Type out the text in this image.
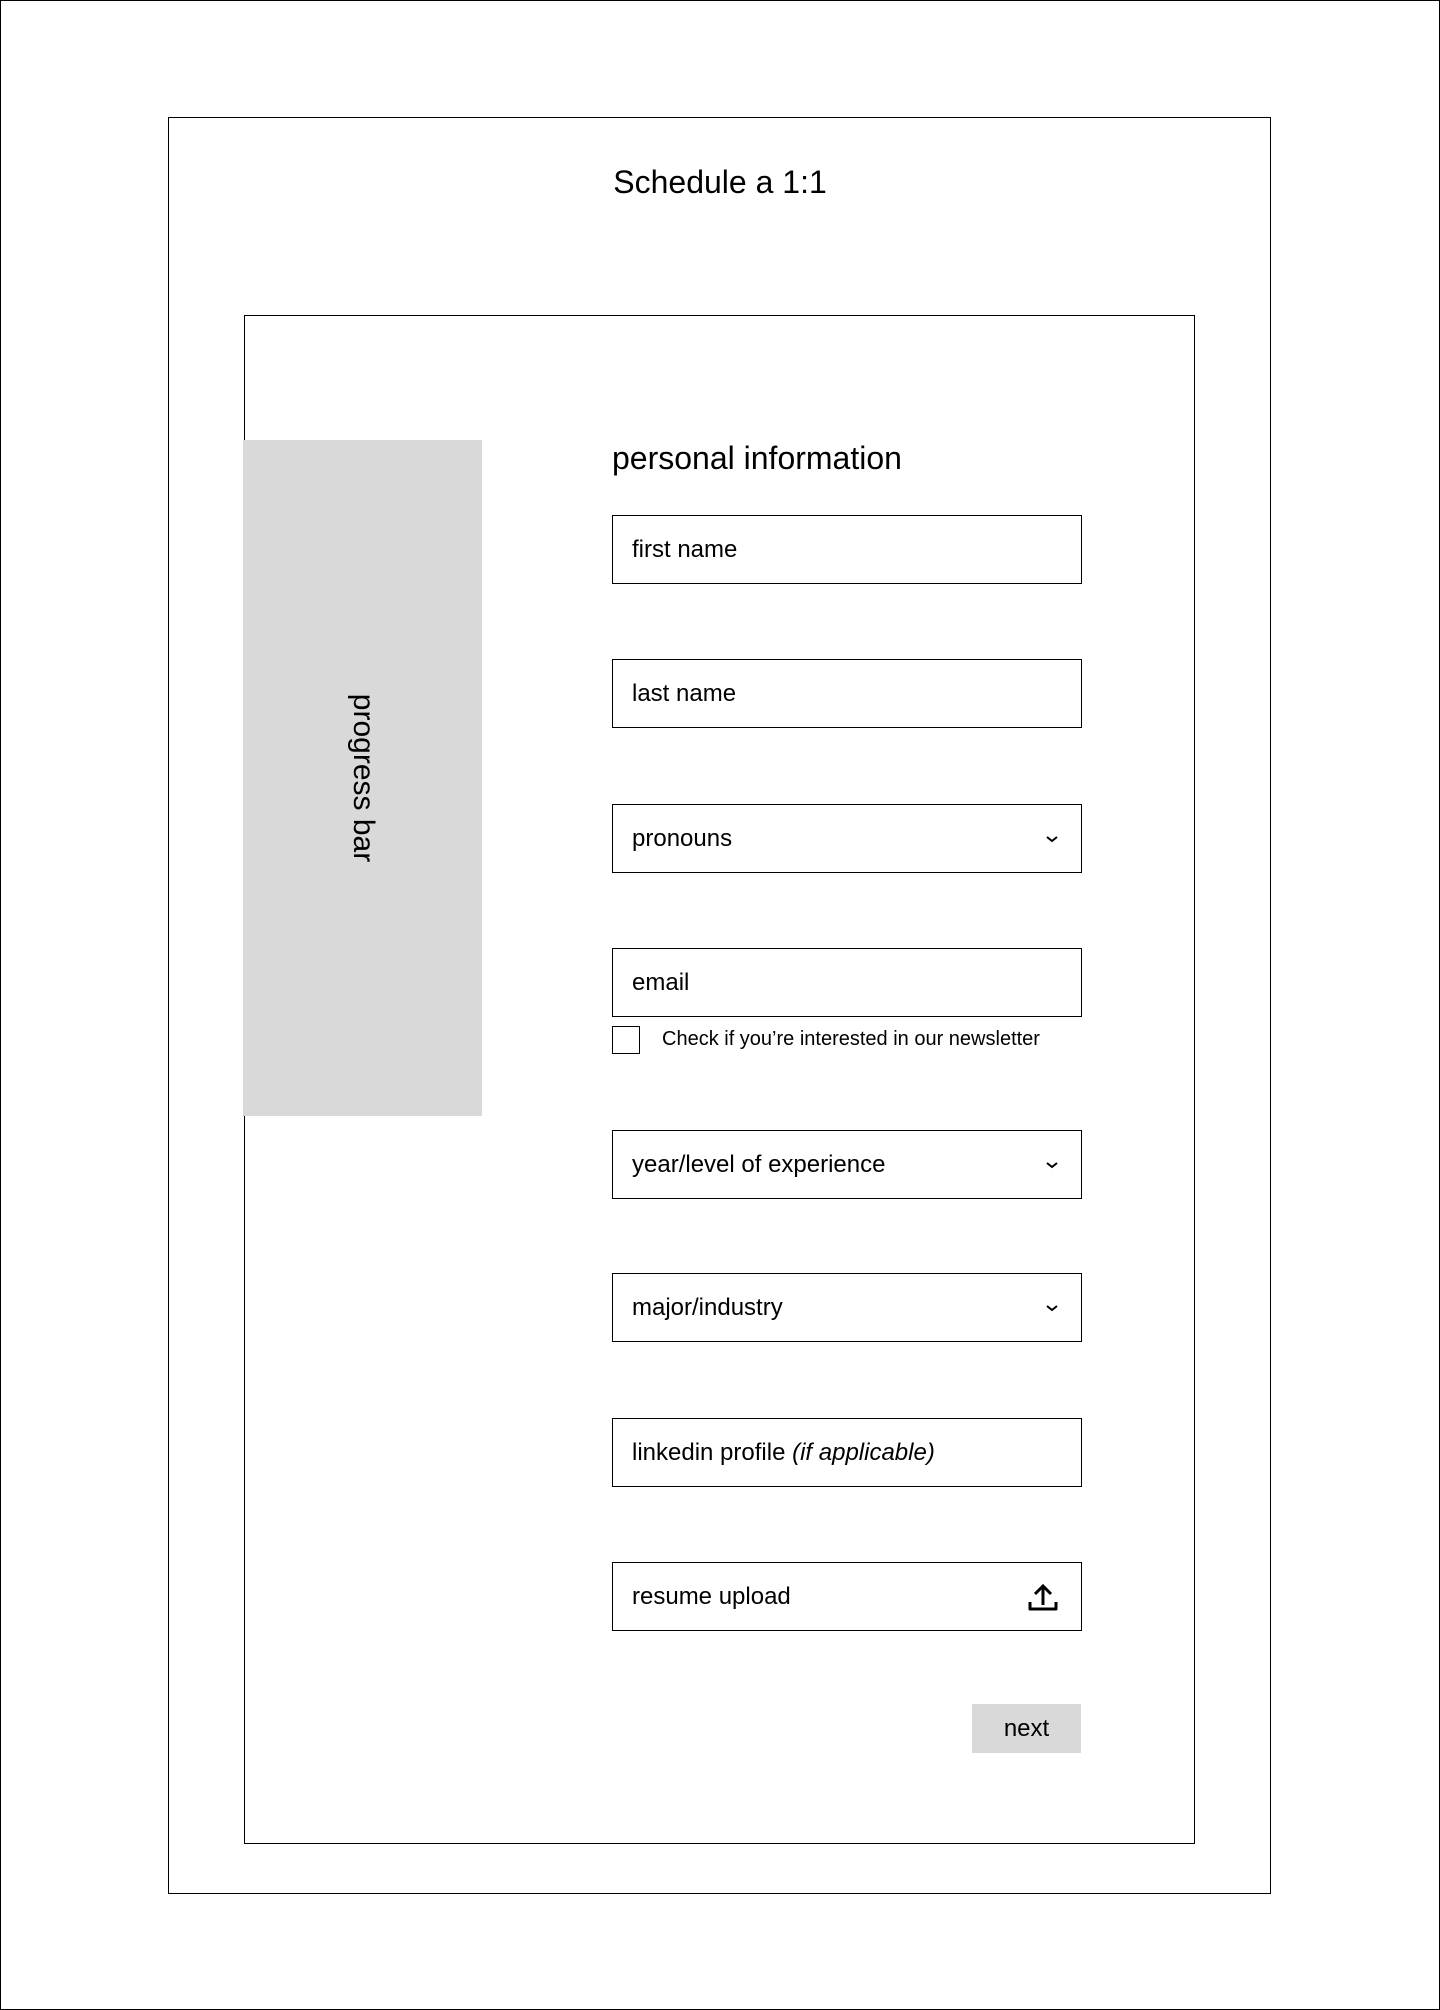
Schedule a 1:1
progress bar
personal information
first name
last name
pronouns
email
Check if you’re interested in our newsletter
year/level of experience
major/industry
linkedin profile
(if applicable)
resume upload
next
